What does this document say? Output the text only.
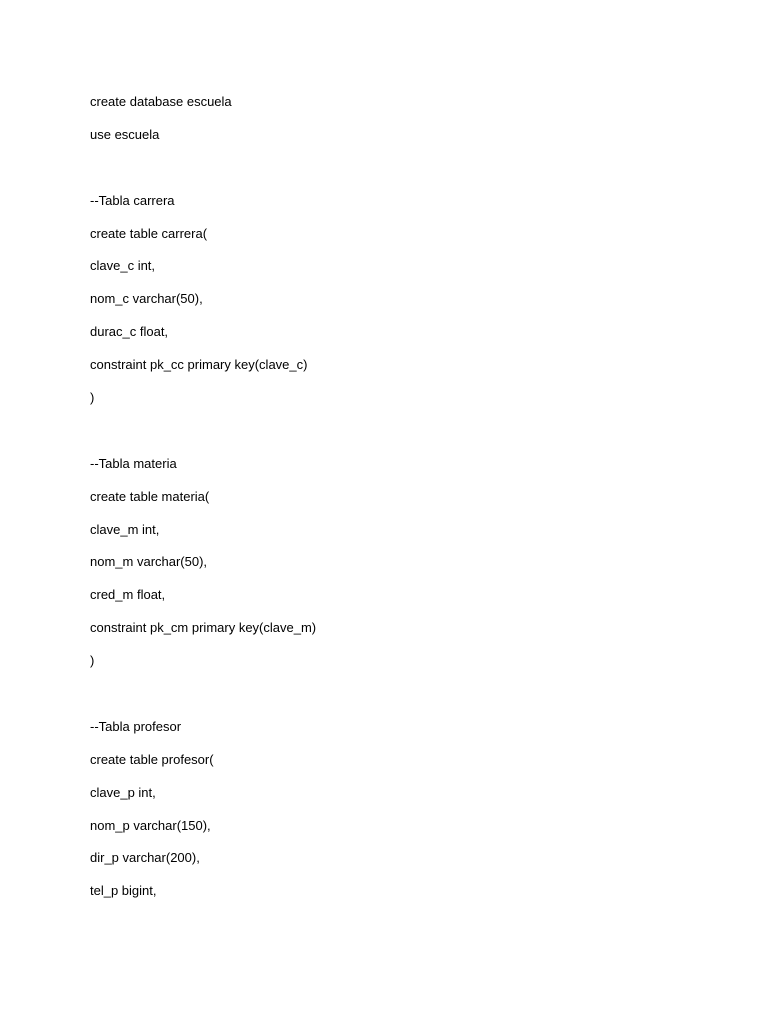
create database escuela
use escuela
--Tabla carrera
create table carrera(
clave_c int,
nom_c varchar(50),
durac_c float,
constraint pk_cc primary key(clave_c)
)
--Tabla materia
create table materia(
clave_m int,
nom_m varchar(50),
cred_m float,
constraint pk_cm primary key(clave_m)
)
--Tabla profesor
create table profesor(
clave_p int,
nom_p varchar(150),
dir_p varchar(200),
tel_p bigint,
